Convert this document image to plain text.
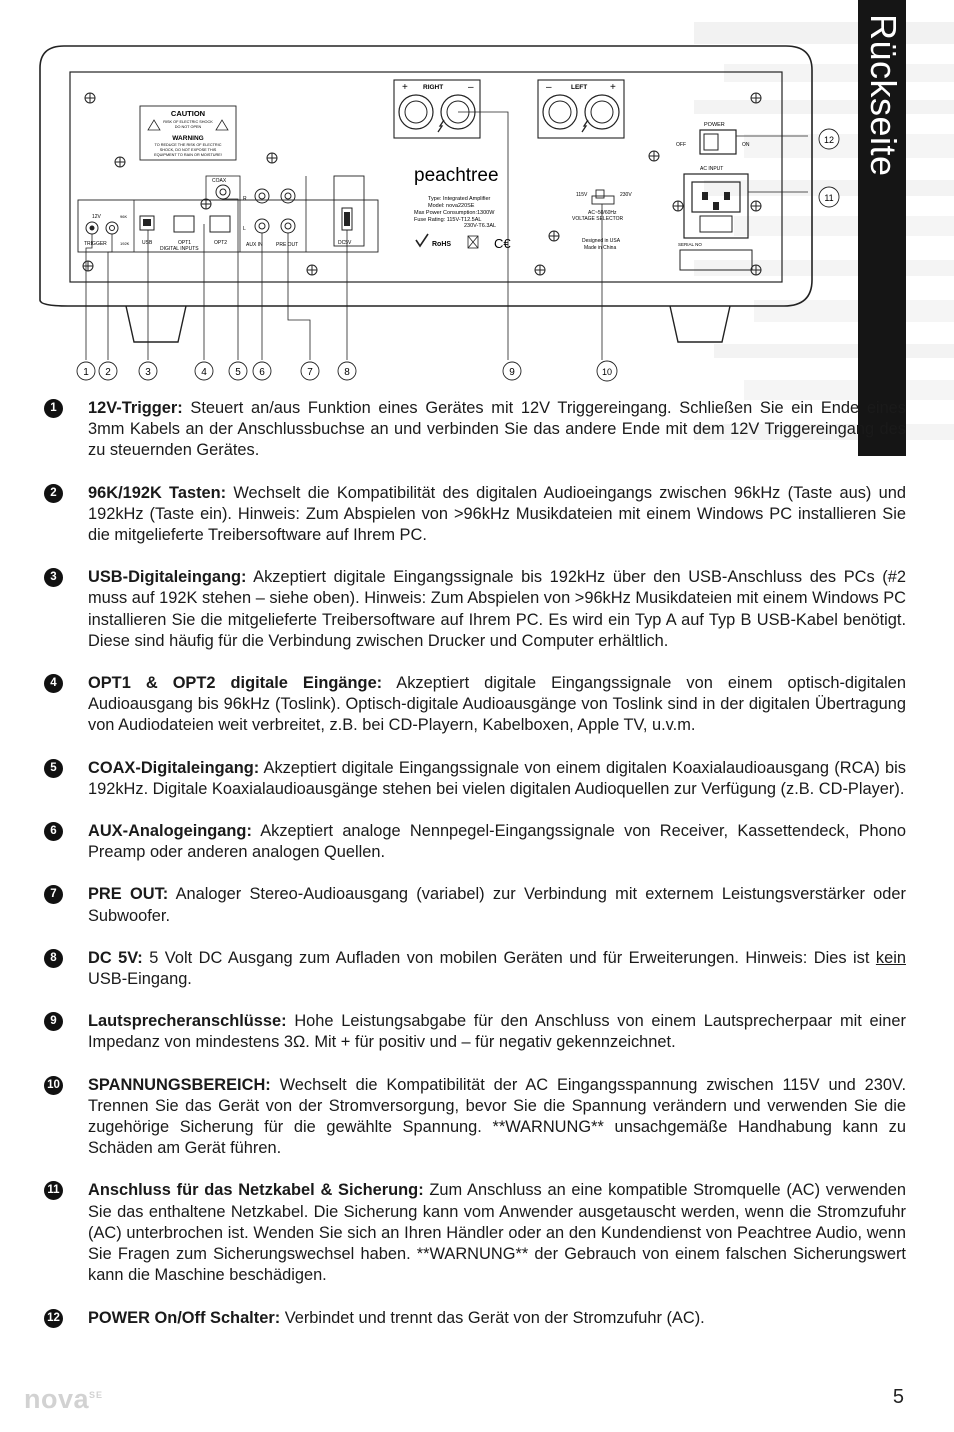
Rückseite
CAUTION
RISK OF ELECTRIC SHOCK
DO NOT OPEN
WARNING
TO REDUCE THE RISK OF ELECTRIC
SHOCK, DO NOT EXPOSE THIS
EQUIPMENT TO RAIN OR MOISTURE!
+ RIGHT –	–	LEFT +
peachtree
Type: Integrated Amplifier
Model: nova220SE
Max Power Consumption:1300W
Fuse Rating: 115V-T12.5AL
230V-T6.3AL
RoHS	C€
COAX
12V	96K
192K
TRIGGER	USB	OPT1	OPT2
DIGITAL INPUTS
R
L
AUX IN	PRE OUT	DC5V
115V	230V
AC~50/60Hz
VOLTAGE SELECTOR
Designed in USA
Made in China
POWER
OFF	ON
AC INPUT
SERIAL NO
1 2	3	4	5 6	7	8	9	10
11
12
1	12V-Trigger: Steuert an/aus Funktion eines Gerätes mit 12V Triggereingang. Schließen Sie ein Ende eines 3mm Kabels an der Anschlussbuchse an und verbinden Sie das andere Ende mit dem 12V Triggereingang des zu steuernden Gerätes.
2	96K/192K Tasten: Wechselt die Kompatibilität des digitalen Audioeingangs zwischen 96kHz (Taste aus) und 192kHz (Taste ein). Hinweis: Zum Abspielen von >96kHz Musikdateien mit einem Windows PC installieren Sie die mitgelieferte Treibersoftware auf Ihrem PC.
3	USB-Digitaleingang: Akzeptiert digitale Eingangssignale bis 192kHz über den USB-Anschluss des PCs (#2 muss auf 192K stehen – siehe oben). Hinweis: Zum Abspielen von >96kHz Musikdateien mit einem Windows PC installieren Sie die mitgelieferte Treibersoftware auf Ihrem PC. Es wird ein Typ A auf Typ B USB-Kabel benötigt. Diese sind häufig für die Verbindung zwischen Drucker und Computer erhältlich.
4	OPT1 & OPT2 digitale Eingänge: Akzeptiert digitale Eingangssignale von einem optisch-digitalen Audioausgang bis 96kHz (Toslink). Optisch-digitale Audioausgänge von Toslink sind in der digitalen Übertragung von Audiodateien weit verbreitet, z.B. bei CD-Playern, Kabelboxen, Apple TV, u.v.m.
5	COAX-Digitaleingang: Akzeptiert digitale Eingangssignale von einem digitalen Koaxialaudioausgang (RCA) bis 192kHz. Digitale Koaxialaudioausgänge stehen bei vielen digitalen Audioquellen zur Verfügung (z.B. CD-Player).
6	AUX-Analogeingang: Akzeptiert analoge Nennpegel-Eingangssignale von Receiver, Kassettendeck, Phono Preamp oder anderen analogen Quellen.
7	PRE OUT: Analoger Stereo-Audioausgang (variabel) zur Verbindung mit externem Leistungsverstärker oder Subwoofer.
8	DC 5V: 5 Volt DC Ausgang zum Aufladen von mobilen Geräten und für Erweiterungen. Hinweis: Dies ist kein USB-Eingang.
9	Lautsprecheranschlüsse: Hohe Leistungsabgabe für den Anschluss von einem Lautsprecherpaar mit einer Impedanz von mindestens 3Ω. Mit + für positiv und – für negativ gekennzeichnet.
10 SPANNUNGSBEREICH: Wechselt die Kompatibilität der AC Eingangsspannung zwischen 115V und 230V. Trennen Sie das Gerät von der Stromversorgung, bevor Sie die Spannung verändern und verwenden Sie die zugehörige Sicherung für die gewählte Spannung. **WARNUNG** unsachgemäße Handhabung kann zu Schäden am Gerät führen.
11 Anschluss für das Netzkabel & Sicherung: Zum Anschluss an eine kompatible Stromquelle (AC) verwenden Sie das enthaltene Netzkabel. Die Sicherung kann vom Anwender ausgetauscht werden, wenn die Stromzufuhr (AC) unterbrochen ist. Wenden Sie sich an Ihren Händler oder an den Kundendienst von Peachtree Audio, wenn Sie Fragen zum Sicherungswechsel haben. **WARNUNG** der Gebrauch von einem falschen Sicherungswert kann die Maschine beschädigen.
12 POWER On/Off Schalter: Verbindet und trennt das Gerät von der Stromzufuhr (AC).
nova$^{SE}$	5
